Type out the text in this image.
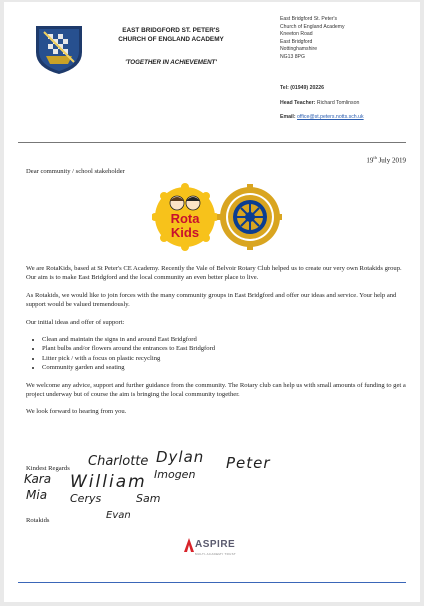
EAST BRIDGFORD ST. PETER'S
CHURCH OF ENGLAND ACADEMY
'TOGETHER IN ACHIEVEMENT'
East Bridgford St. Peter's
Church of England Academy
Kneeton Road
East Bridgford
Nottinghamshire
NG13 8PG
Tel: (01949) 20226
Head Teacher: Richard Tomlinson
Email: office@st.peters.notts.sch.uk
19th July 2019
Dear community / school stakeholder
Rota
Kids

We are RotaKids, based at St Peter's CE Academy. Recently the Vale of Belvoir Rotary Club helped us to create our very own Rotakids group. Our aim is to make East Bridgford and the local community an even better place to live.

As Rotakids, we would like to join forces with the many community groups in East Bridgford and offer our ideas and service. Your help and support would be valued tremendously.

Our initial ideas and offer of support:

• Clean and maintain the signs in and around East Bridgford
• Plant bulbs and/or flowers around the entrances to East Bridgford
• Litter pick / with a focus on plastic recycling
• Community garden and seating

We welcome any advice, support and further guidance from the community. The Rotary club can help us with small amounts of funding to get a project underway but of course the aim is bringing the local community together.

We look forward to hearing from you.

Kindest Regards Charlotte Dylan Peter
Kara William Imogen
Mia Cerys	Sam
Evan
Rotakids
ASPIRE
MULTI-ACADEMY TRUST
